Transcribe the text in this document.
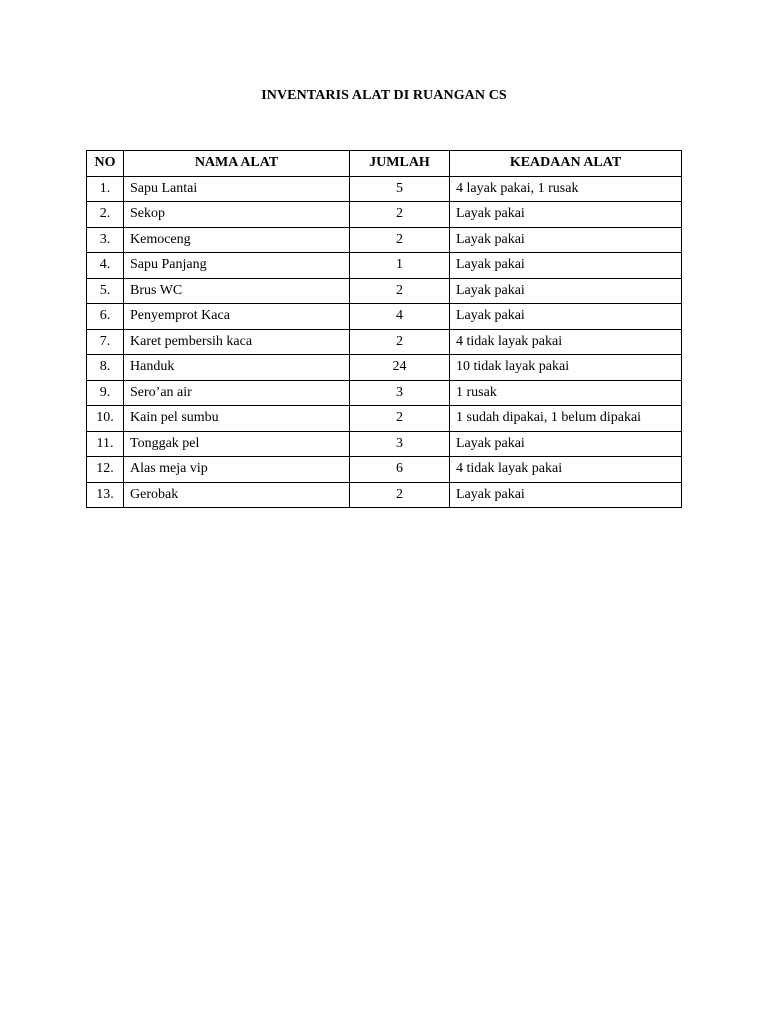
INVENTARIS ALAT DI RUANGAN CS
NO	NAMA ALAT	JUMLAH	KEADAAN ALAT
1.	Sapu Lantai	5	4 layak pakai, 1 rusak
2.	Sekop	2	Layak pakai
3.	Kemoceng	2	Layak pakai
4.	Sapu Panjang	1	Layak pakai
5.	Brus WC	2	Layak pakai
6.	Penyemprot Kaca	4	Layak pakai
7.	Karet pembersih kaca	2	4 tidak layak pakai
8.	Handuk	24	10 tidak layak pakai
9.	Sero’an air	3	1 rusak
10.	Kain pel sumbu	2	1 sudah dipakai, 1 belum dipakai
11.	Tonggak pel	3	Layak pakai
12.	Alas meja vip	6	4 tidak layak pakai
13.	Gerobak	2	Layak pakai
